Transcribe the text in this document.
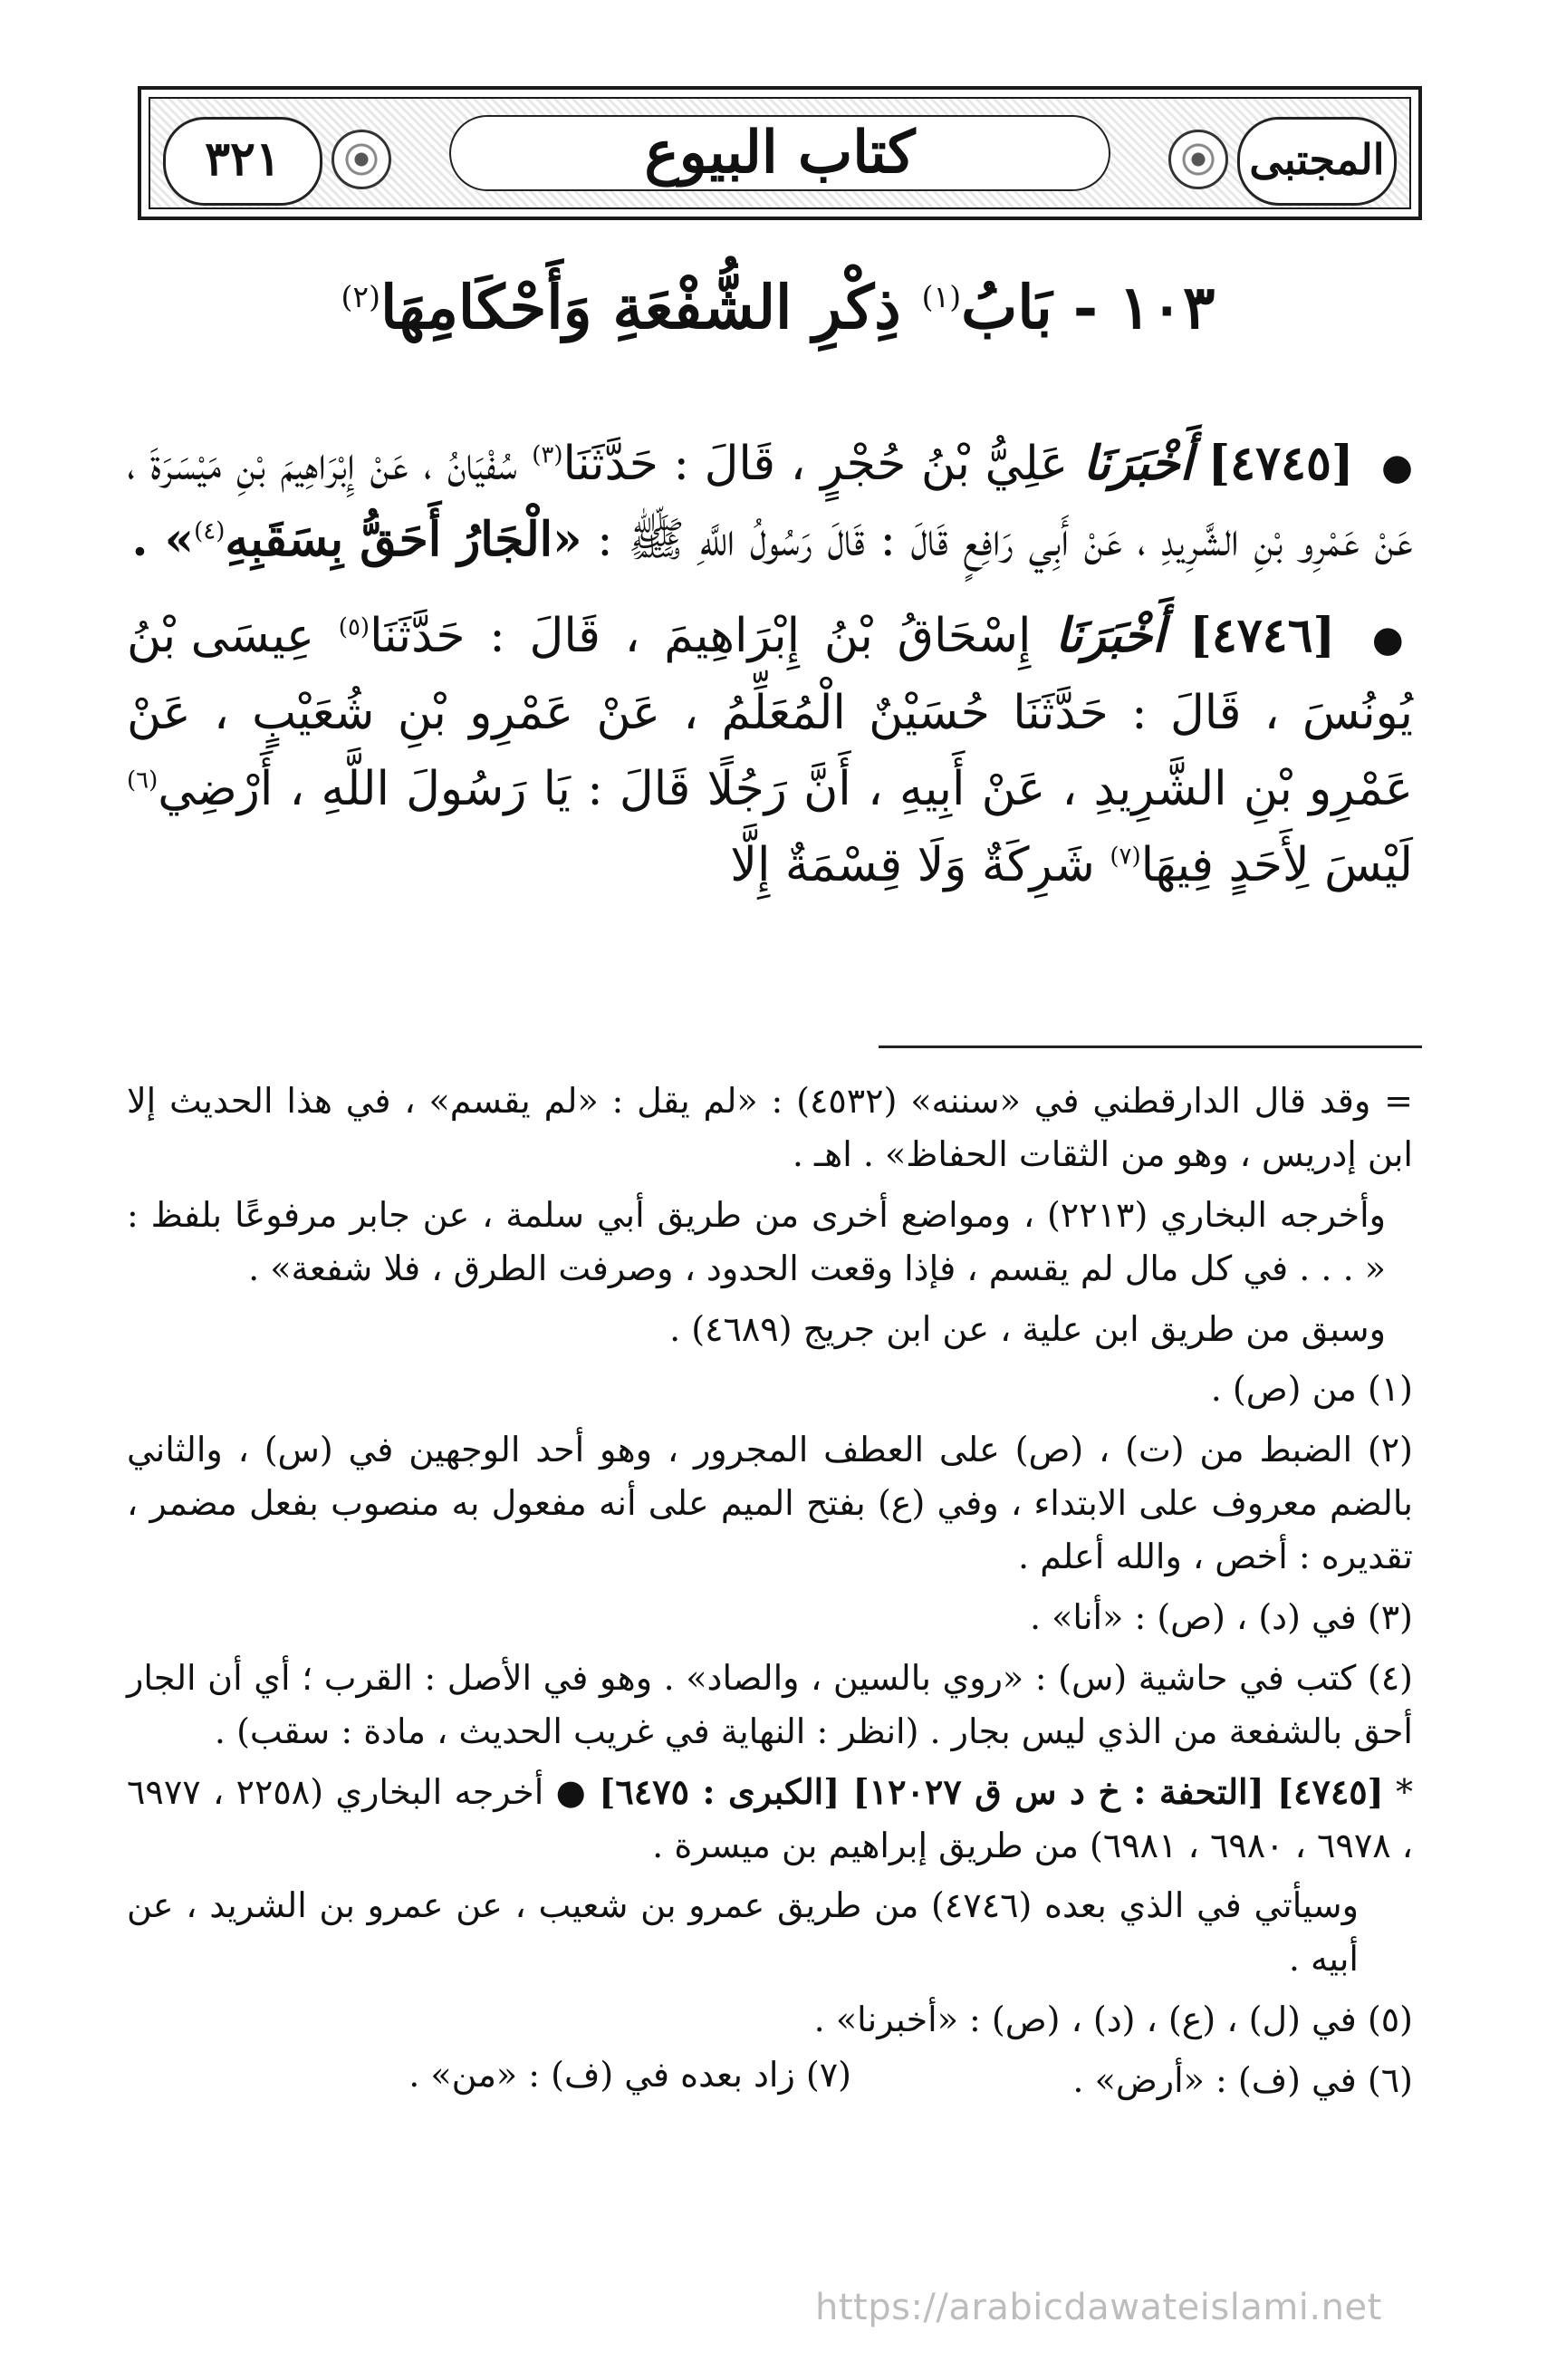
كتاب البيوع
٣٢١	المجتبى
١٠٣ - بَابُ$^{(١)}$ ذِكْرِ الشُّفْعَةِ وَأَحْكَامِهَا$^{(٢)}$

● [٤٧٤٥] أَخْبَرَنَا عَلِيُّ بْنُ حُجْرٍ ، قَالَ : حَدَّثَنَا$^{(٣)}$ سُفْيَانُ ، عَنْ إِبْرَاهِيمَ بْنِ مَيْسَرَةَ ، عَنْ عَمْرِو بْنِ الشَّرِيدِ ، عَنْ أَبِي رَافِعٍ قَالَ : قَالَ رَسُولُ اللَّهِ ﷺ : «الْجَارُ أَحَقُّ بِسَقَبِهِ$^{(٤)}$» .

● [٤٧٤٦] أَخْبَرَنَا إِسْحَاقُ بْنُ إِبْرَاهِيمَ ، قَالَ : حَدَّثَنَا$^{(٥)}$ عِيسَى بْنُ يُونُسَ ، قَالَ : حَدَّثَنَا حُسَيْنٌ الْمُعَلِّمُ ، عَنْ عَمْرِو بْنِ شُعَيْبٍ ، عَنْ عَمْرِو بْنِ الشَّرِيدِ ، عَنْ أَبِيهِ ، أَنَّ رَجُلًا قَالَ : يَا رَسُولَ اللَّهِ ، أَرْضِي$^{(٦)}$ لَيْسَ لِأَحَدٍ فِيهَا$^{(٧)}$ شَرِكَةٌ وَلَا قِسْمَةٌ إِلَّا

= وقد قال الدارقطني في «سننه» (٤٥٣٢) : «لم يقل : «لم يقسم» ، في هذا الحديث إلا ابن إدريس ، وهو من الثقات الحفاظ» . اهـ .

وأخرجه البخاري (٢٢١٣) ، ومواضع أخرى من طريق أبي سلمة ، عن جابر مرفوعًا بلفظ : « . . . في كل مال لم يقسم ، فإذا وقعت الحدود ، وصرفت الطرق ، فلا شفعة» .

وسبق من طريق ابن علية ، عن ابن جريج (٤٦٨٩) .

(١) من (ص) .

(٢) الضبط من (ت) ، (ص) على العطف المجرور ، وهو أحد الوجهين في (س) ، والثاني بالضم معروف على الابتداء ، وفي (ع) بفتح الميم على أنه مفعول به منصوب بفعل مضمر ، تقديره : أخص ، والله أعلم .

(٣) في (د) ، (ص) : «أنا» .

(٤) كتب في حاشية (س) : «روي بالسين ، والصاد» . وهو في الأصل : القرب ؛ أي أن الجار أحق بالشفعة من الذي ليس بجار . (انظر : النهاية في غريب الحديث ، مادة : سقب) .

* [٤٧٤٥] [التحفة : خ د س ق ١٢٠٢٧] [الكبرى : ٦٤٧٥] ● أخرجه البخاري (٢٢٥٨ ، ٦٩٧٧ ، ٦٩٧٨ ، ٦٩٨٠ ، ٦٩٨١) من طريق إبراهيم بن ميسرة .

وسيأتي في الذي بعده (٤٧٤٦) من طريق عمرو بن شعيب ، عن عمرو بن الشريد ، عن أبيه .

(٥) في (ل) ، (ع) ، (د) ، (ص) : «أخبرنا» .

(٦) في (ف) : «أرض» .
(٧) زاد بعده في (ف) : «من» .
https://arabicdawateislami.net
